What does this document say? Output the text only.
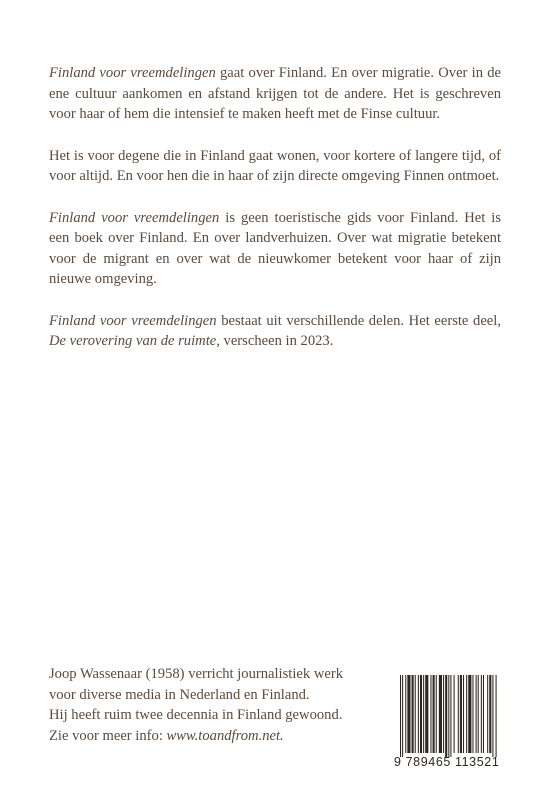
Finland voor vreemdelingen gaat over Finland. En over migratie. Over in de ene cultuur aankomen en afstand krijgen tot de andere. Het is geschreven voor haar of hem die intensief te maken heeft met de Finse cultuur.

Het is voor degene die in Finland gaat wonen, voor kortere of langere tijd, of voor altijd. En voor hen die in haar of zijn directe omgeving Finnen ontmoet.

Finland voor vreemdelingen is geen toeristische gids voor Finland. Het is een boek over Finland. En over landverhuizen. Over wat migratie betekent voor de migrant en over wat de nieuwkomer betekent voor haar of zijn nieuwe omgeving.

Finland voor vreemdelingen bestaat uit verschillende delen. Het eerste deel, De verovering van de ruimte, verscheen in 2023.

Joop Wassenaar (1958) verricht journalistiek werk
voor diverse media in Nederland en Finland.
Hij heeft ruim twee decennia in Finland gewoond.
Zie voor meer info: www.toandfrom.net.
9 789465 113521
